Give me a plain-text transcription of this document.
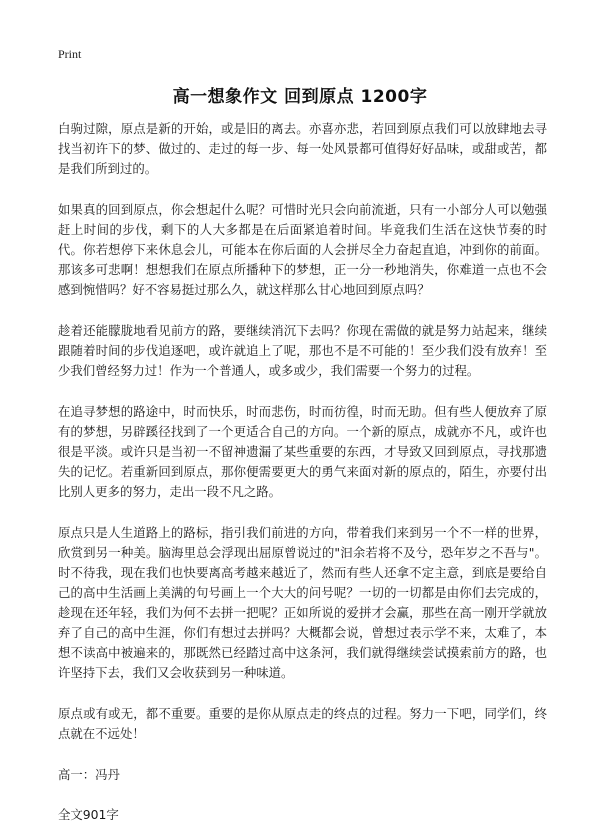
Print
高一想象作文 回到原点 1200字

白驹过隙，原点是新的开始，或是旧的离去。亦喜亦悲，若回到原点我们可以放肆地去寻找当初许下的梦、做过的、走过的每一步、每一处风景都可值得好好品味，或甜或苦，都是我们所到过的。

如果真的回到原点，你会想起什么呢？可惜时光只会向前流逝，只有一小部分人可以勉强赶上时间的步伐，剩下的人大多都是在后面紧追着时间。毕竟我们生活在这快节奏的时代。你若想停下来休息会儿，可能本在你后面的人会拼尽全力奋起直追，冲到你的前面。那该多可悲啊！想想我们在原点所播种下的梦想，正一分一秒地消失，你难道一点也不会感到惋惜吗？好不容易挺过那么久，就这样那么甘心地回到原点吗？

趁着还能朦胧地看见前方的路，要继续消沉下去吗？你现在需做的就是努力站起来，继续跟随着时间的步伐追逐吧，或许就追上了呢，那也不是不可能的！至少我们没有放弃！至少我们曾经努力过！作为一个普通人，或多或少，我们需要一个努力的过程。

在追寻梦想的路途中，时而快乐，时而悲伤，时而彷徨，时而无助。但有些人便放弃了原有的梦想，另辟蹊径找到了一个更适合自己的方向。一个新的原点，成就亦不凡，或许也很是平淡。或许只是当初一不留神遗漏了某些重要的东西，才导致又回到原点，寻找那遗失的记忆。若重新回到原点，那你便需要更大的勇气来面对新的原点的，陌生，亦要付出比别人更多的努力，走出一段不凡之路。

原点只是人生道路上的路标，指引我们前进的方向，带着我们来到另一个不一样的世界，欣赏到另一种美。脑海里总会浮现出屈原曾说过的"汩余若将不及兮，恐年岁之不吾与"。时不待我，现在我们也快要离高考越来越近了，然而有些人还拿不定主意，到底是要给自己的高中生活画上美满的句号画上一个大大的问号呢？一切的一切都是由你们去完成的，趁现在还年轻，我们为何不去拼一把呢？正如所说的爱拼才会赢，那些在高一刚开学就放弃了自己的高中生涯，你们有想过去拼吗？大概都会说，曾想过表示学不来，太难了，本想不读高中被遍来的，那既然已经踏过高中这条河，我们就得继续尝试摸索前方的路，也许坚持下去，我们又会收获到另一种味道。

原点或有或无，都不重要。重要的是你从原点走的终点的过程。努力一下吧，同学们，终点就在不远处！

高一：冯丹

全文901字
